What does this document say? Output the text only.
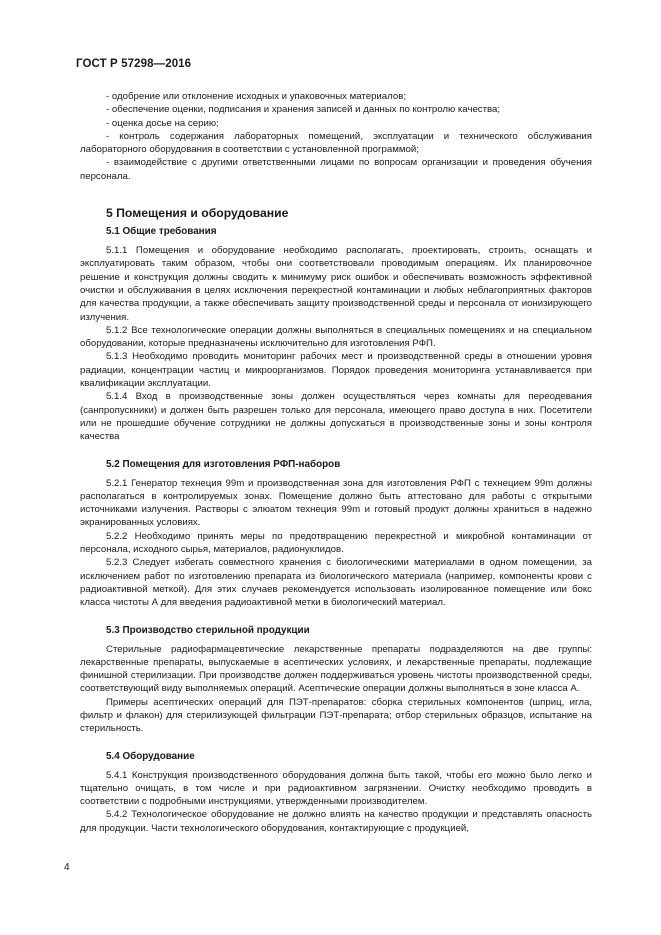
ГОСТ Р 57298—2016

- одобрение или отклонение исходных и упаковочных материалов;

- обеспечение оценки, подписания и хранения записей и данных по контролю качества;

- оценка досье на серию;

- контроль содержания лабораторных помещений, эксплуатации и технического обслуживания лабораторного оборудования в соответствии с установленной программой;

- взаимодействие с другими ответственными лицами по вопросам организации и проведения обучения персонала.

5 Помещения и оборудование
5.1 Общие требования

5.1.1 Помещения и оборудование необходимо располагать, проектировать, строить, оснащать и эксплуатировать таким образом, чтобы они соответствовали проводимым операциям. Их планировочное решение и конструкция должны сводить к минимуму риск ошибок и обеспечивать возможность эффективной очистки и обслуживания в целях исключения перекрестной контаминации и любых неблагоприятных факторов для качества продукции, а также обеспечивать защиту производственной среды и персонала от ионизирующего излучения.

5.1.2 Все технологические операции должны выполняться в специальных помещениях и на специальном оборудовании, которые предназначены исключительно для изготовления РФП.

5.1.3 Необходимо проводить мониторинг рабочих мест и производственной среды в отношении уровня радиации, концентрации частиц и микроорганизмов. Порядок проведения мониторинга устанавливается при квалификации эксплуатации.

5.1.4 Вход в производственные зоны должен осуществляться через комнаты для переодевания (санпропускники) и должен быть разрешен только для персонала, имеющего право доступа в них. Посетители или не прошедшие обучение сотрудники не должны допускаться в производственные зоны и зоны контроля качества

5.2 Помещения для изготовления РФП-наборов

5.2.1 Генератор технеция 99m и производственная зона для изготовления РФП с технецием 99m должны располагаться в контролируемых зонах. Помещение должно быть аттестовано для работы с открытыми источниками излучения. Растворы с элюатом технеция 99m и готовый продукт должны храниться в надежно экранированных условиях.

5.2.2 Необходимо принять меры по предотвращению перекрестной и микробной контаминации от персонала, исходного сырья, материалов, радионуклидов.

5.2.3 Следует избегать совместного хранения с биологическими материалами в одном помещении, за исключением работ по изготовлению препарата из биологического материала (например, компоненты крови с радиоактивной меткой). Для этих случаев рекомендуется использовать изолированное помещение или бокс класса чистоты А для введения радиоактивной метки в биологический материал.

5.3 Производство стерильной продукции

Стерильные радиофармацевтические лекарственные препараты подразделяются на две группы: лекарственные препараты, выпускаемые в асептических условиях, и лекарственные препараты, подлежащие финишной стерилизации. При производстве должен поддерживаться уровень чистоты производственной среды, соответствующий виду выполняемых операций. Асептические операции должны выполняться в зоне класса А.

Примеры асептических операций для ПЭТ-препаратов: сборка стерильных компонентов (шприц, игла, фильтр и флакон) для стерилизующей фильтрации ПЭТ-препарата; отбор стерильных образцов, испытание на стерильность.

5.4 Оборудование

5.4.1 Конструкция производственного оборудования должна быть такой, чтобы его можно было легко и тщательно очищать, в том числе и при радиоактивном загрязнении. Очистку необходимо проводить в соответствии с подробными инструкциями, утвержденными производителем.

5.4.2 Технологическое оборудование не должно влиять на качество продукции и представлять опасность для продукции. Части технологического оборудования, контактирующие с продукцией,

4
